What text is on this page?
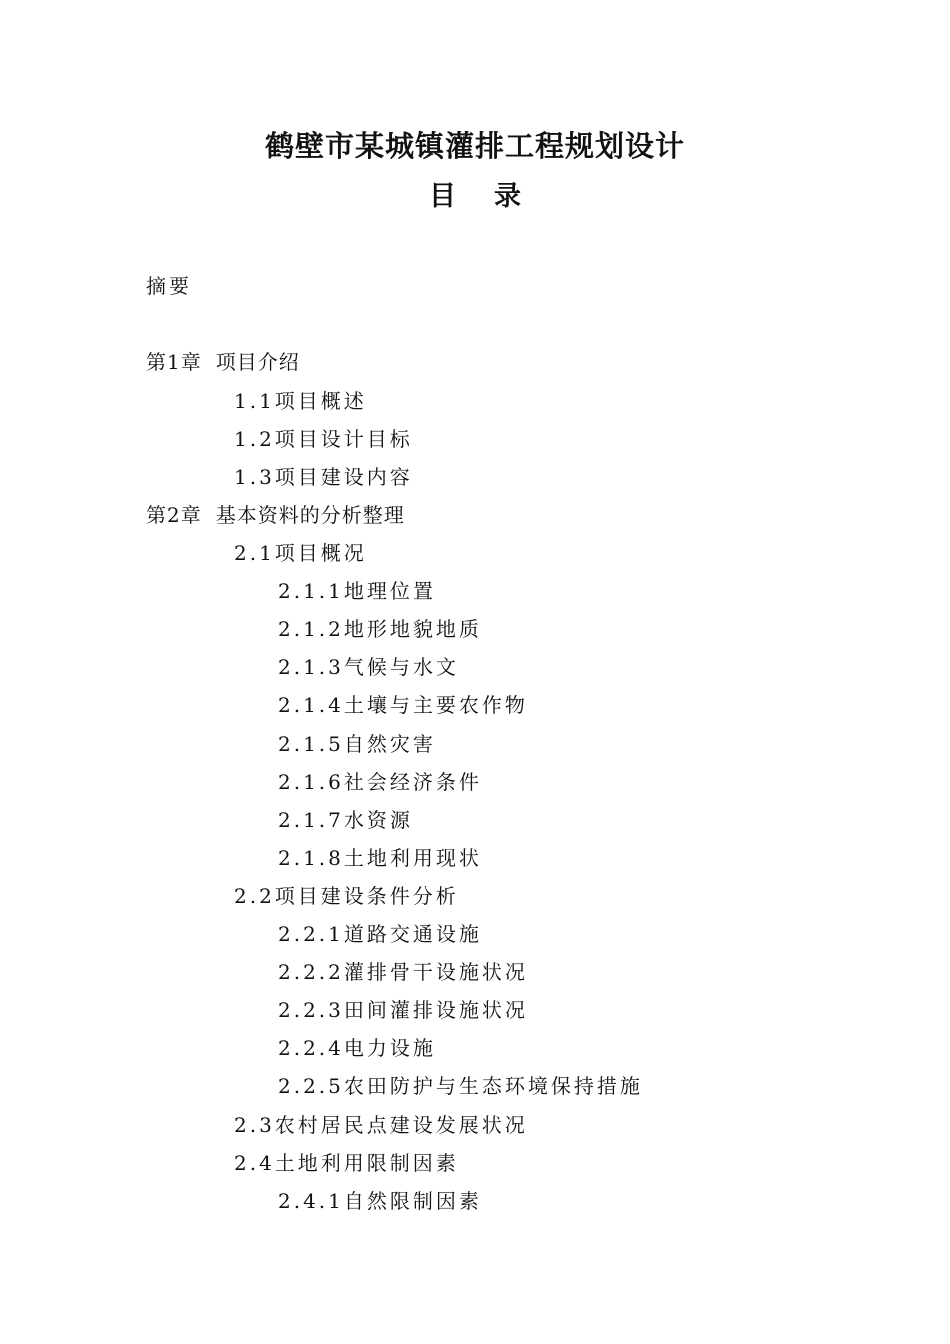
鹤壁市某城镇灌排工程规划设计
目 录
摘要
第1章 项目介绍
1.1项目概述
1.2项目设计目标
1.3项目建设内容
第2章 基本资料的分析整理
2.1项目概况
2.1.1地理位置
2.1.2地形地貌地质
2.1.3气候与水文
2.1.4土壤与主要农作物
2.1.5自然灾害
2.1.6社会经济条件
2.1.7水资源
2.1.8土地利用现状
2.2项目建设条件分析
2.2.1道路交通设施
2.2.2灌排骨干设施状况
2.2.3田间灌排设施状况
2.2.4电力设施
2.2.5农田防护与生态环境保持措施
2.3农村居民点建设发展状况
2.4土地利用限制因素
2.4.1自然限制因素
